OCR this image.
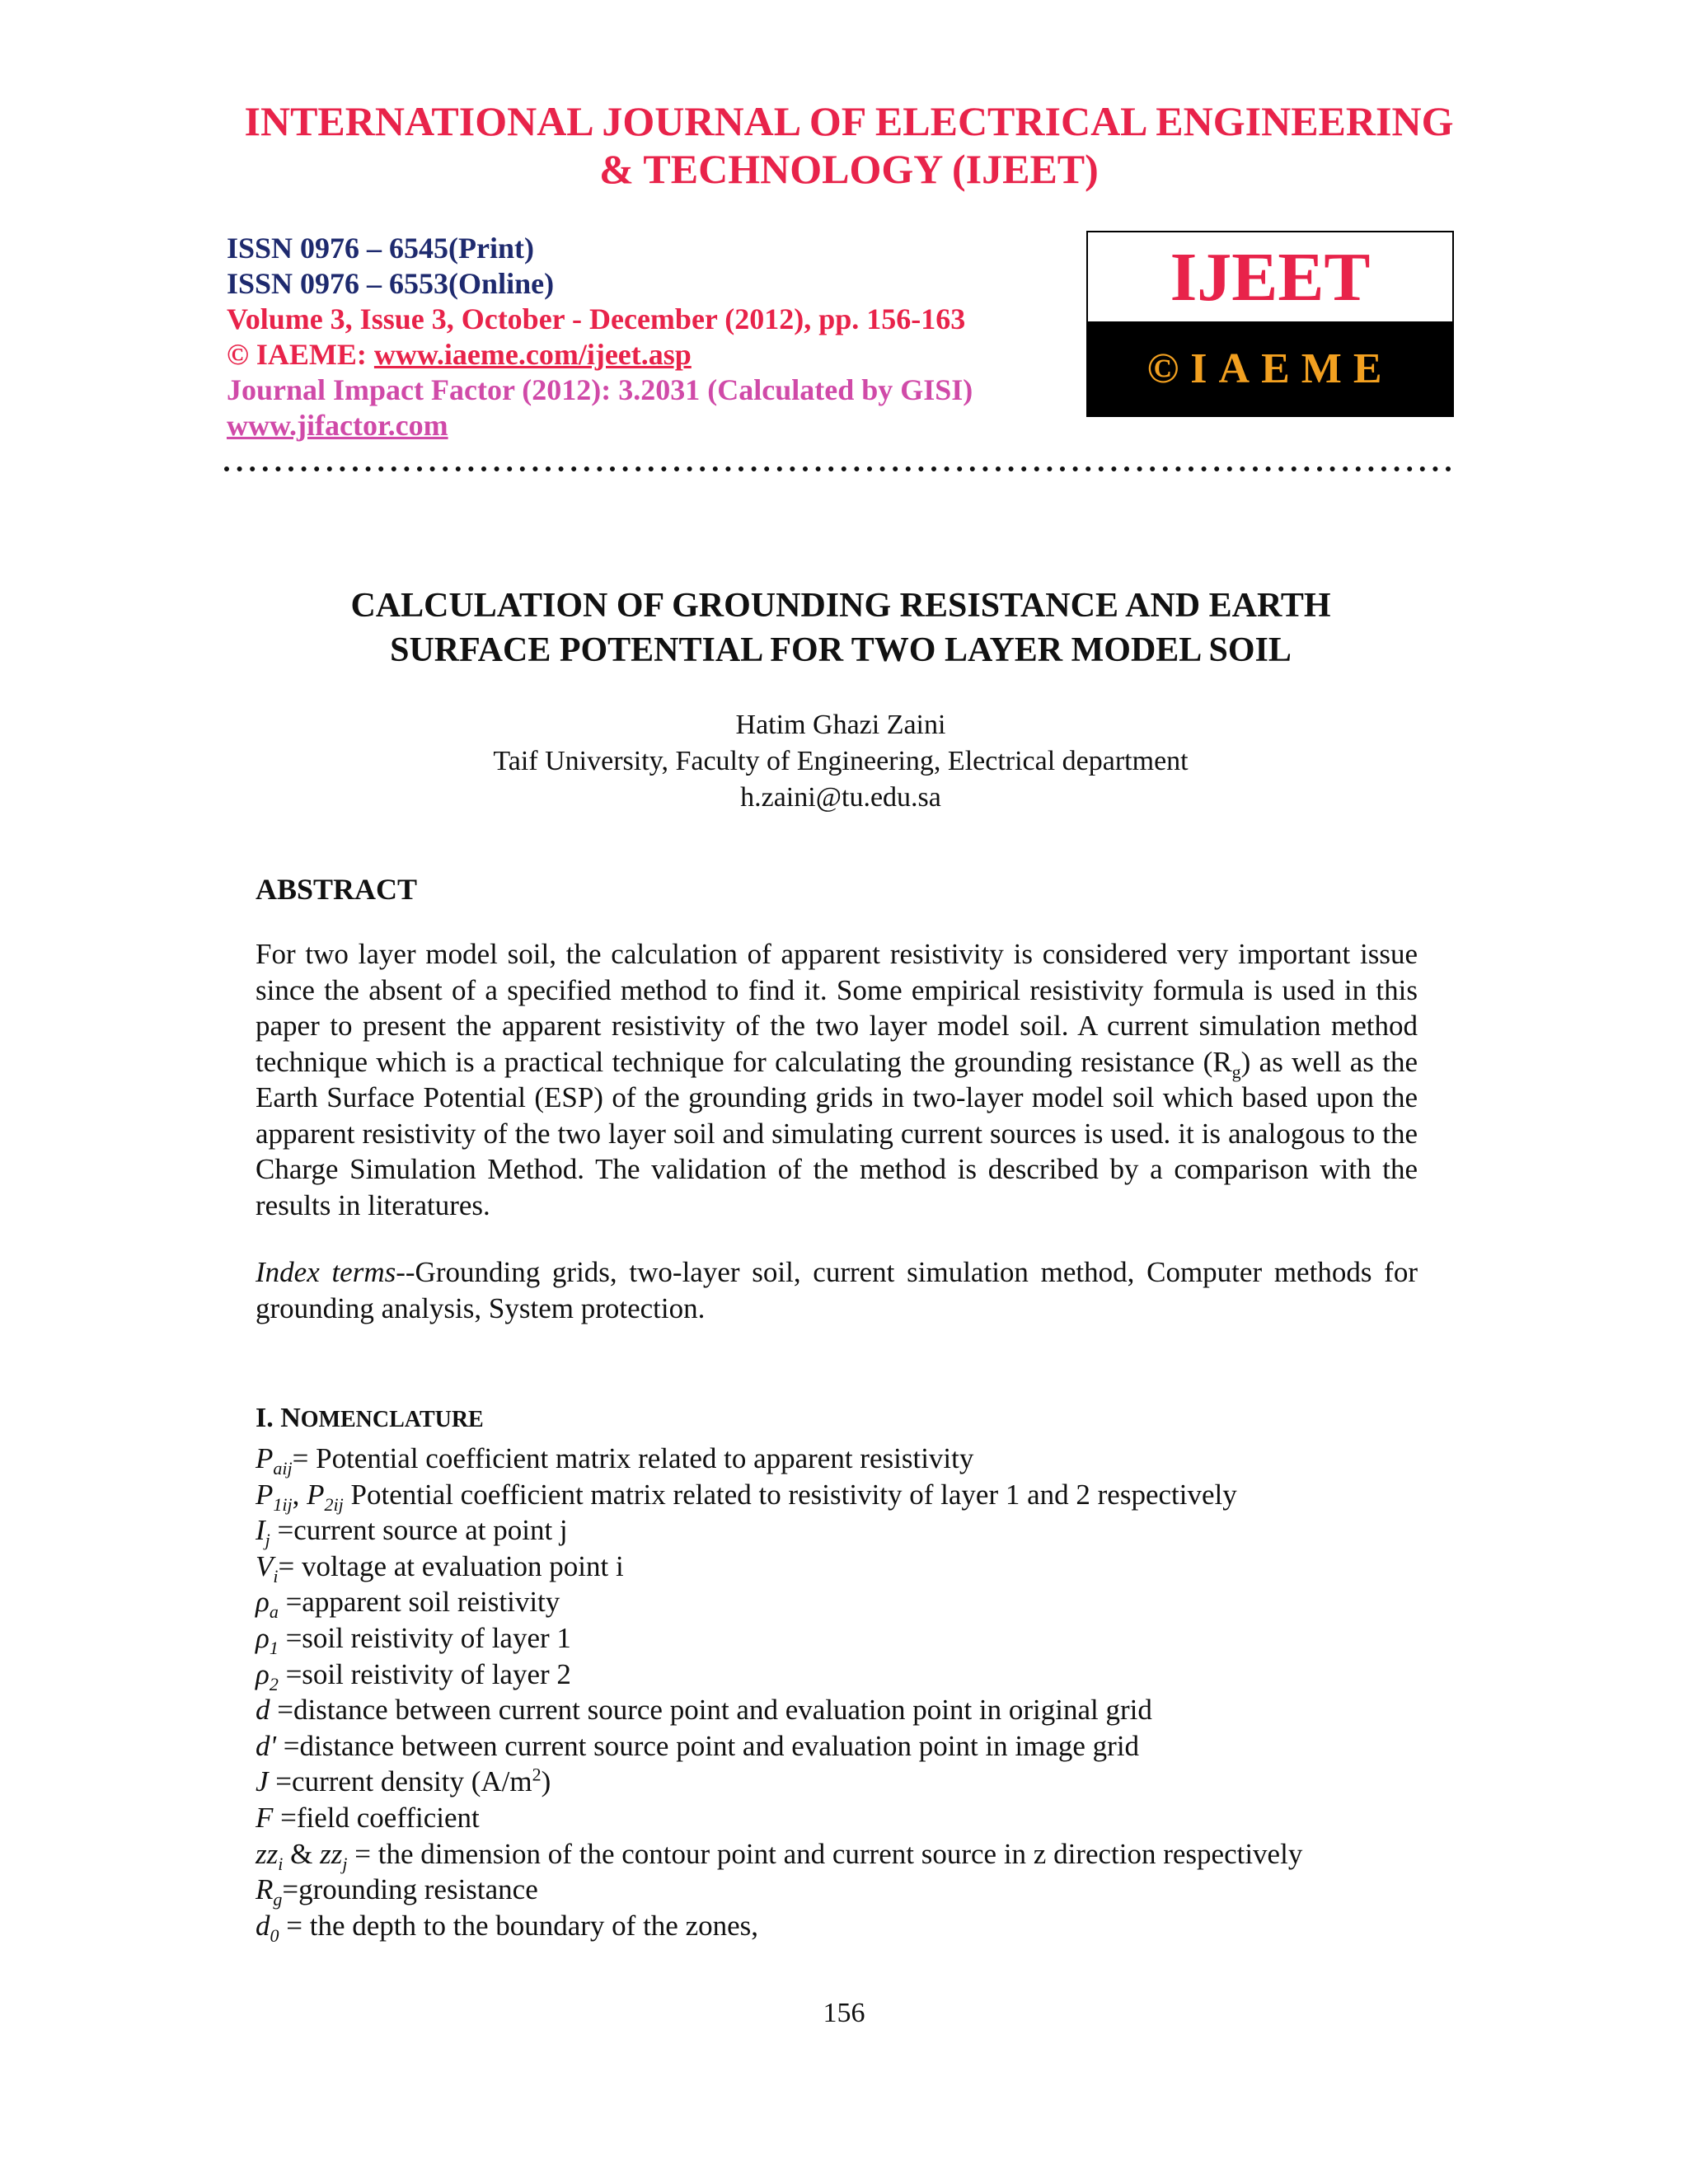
INTERNATIONAL JOURNAL OF ELECTRICAL ENGINEERING
& TECHNOLOGY (IJEET)
ISSN 0976 – 6545(Print)
ISSN 0976 – 6553(Online)
Volume 3, Issue 3, October - December (2012), pp. 156-163
© IAEME: www.iaeme.com/ijeet.asp
Journal Impact Factor (2012): 3.2031 (Calculated by GISI)
www.jifactor.com
IJEET
©IAEME
CALCULATION OF GROUNDING RESISTANCE AND EARTH
SURFACE POTENTIAL FOR TWO LAYER MODEL SOIL
Hatim Ghazi Zaini
Taif University, Faculty of Engineering, Electrical department
h.zaini@tu.edu.sa
ABSTRACT
For two layer model soil, the calculation of apparent resistivity is considered very important issue since the absent of a specified method to find it. Some empirical resistivity formula is used in this paper to present the apparent resistivity of the two layer model soil. A current simulation method technique which is a practical technique for calculating the grounding resistance $(R_g)$ as well as the Earth Surface Potential (ESP) of the grounding grids in two-layer model soil which based upon the apparent resistivity of the two layer soil and simulating current sources is used. it is analogous to the Charge Simulation Method. The validation of the method is described by a comparison with the results in literatures.
Index terms--Grounding grids, two-layer soil, current simulation method, Computer methods for grounding analysis, System protection.
I. NOMENCLATURE
$P_{aij}=$ Potential coefficient matrix related to apparent resistivity
$P_{1ij}$, $P_{2ij}$ Potential coefficient matrix related to resistivity of layer 1 and 2 respectively
$I_j$ =current source at point j
$V_i=$ voltage at evaluation point i
$\rho_a$ =apparent soil reistivity
$\rho_1$ =soil reistivity of layer 1
$\rho_2$ =soil reistivity of layer 2
d =distance between current source point and evaluation point in original grid
d' =distance between current source point and evaluation point in image grid
J =current density $(A/m^2)$
F =field coefficient
$zz_i$ & $zz_j$ = the dimension of the contour point and current source in z direction respectively
$R_g=grounding$ resistance
$d_0$ = the depth to the boundary of the zones,
156
